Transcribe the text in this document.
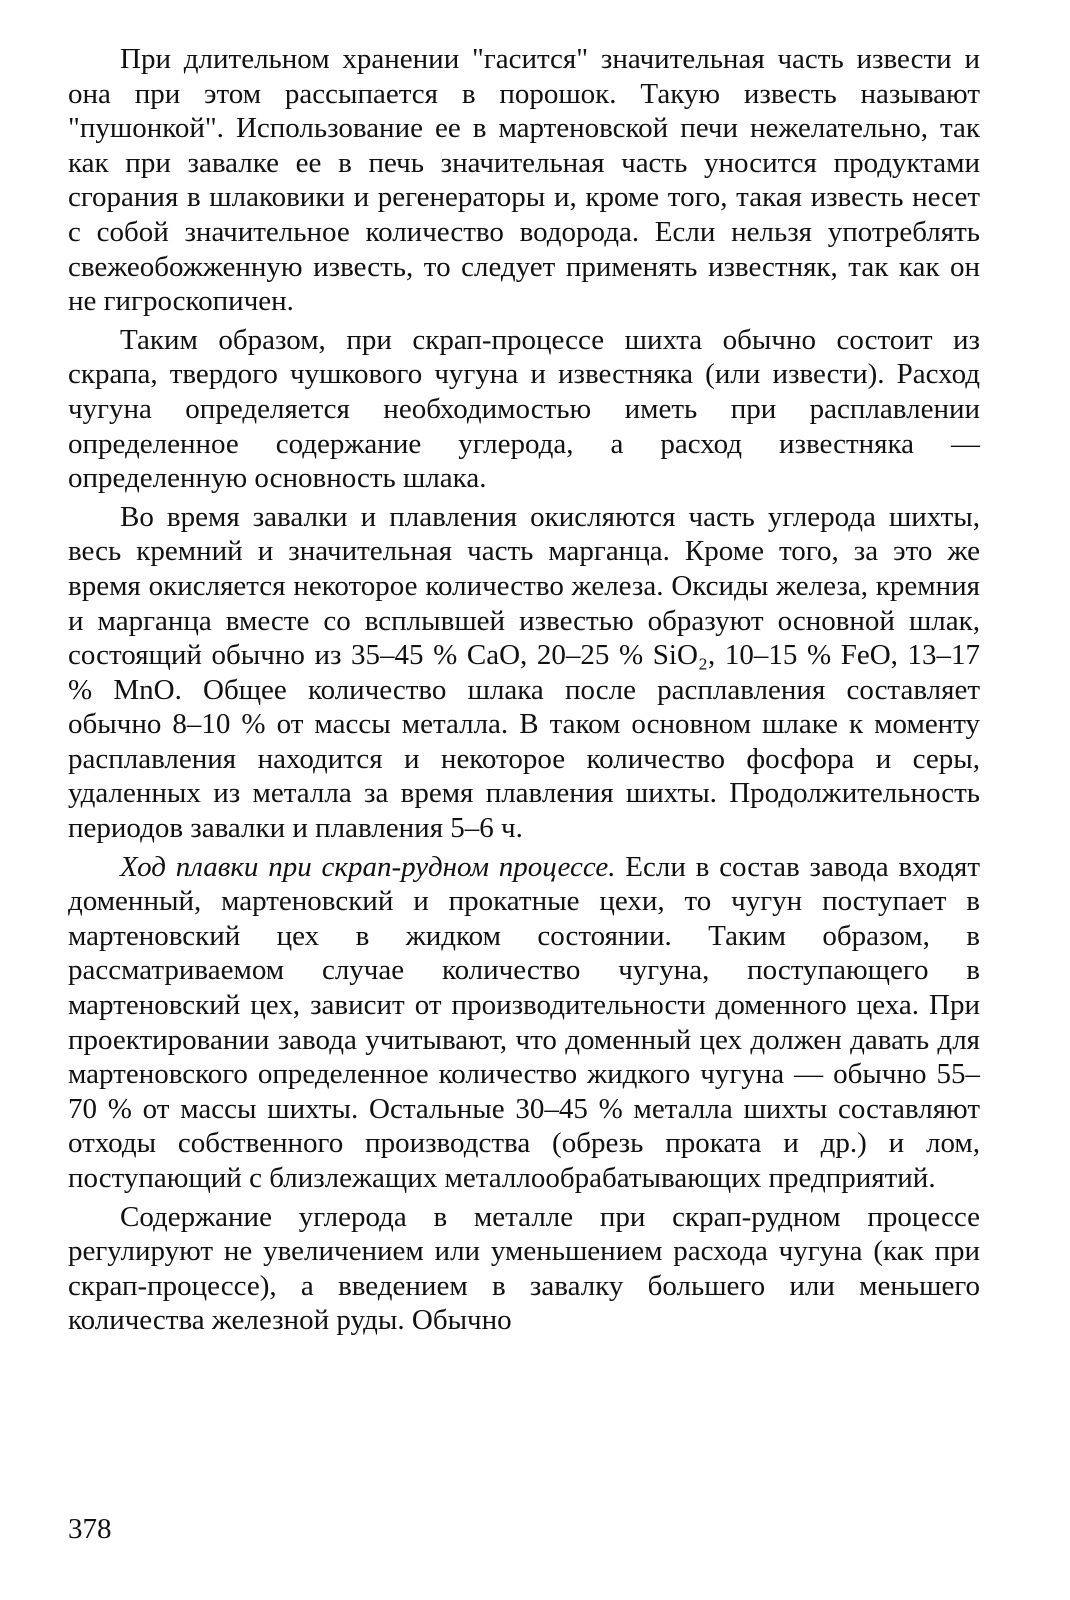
При длительном хранении "гасится" значительная часть извести и она при этом рассыпается в порошок. Такую известь называют "пушонкой". Использование ее в мартеновской печи нежелательно, так как при завалке ее в печь значительная часть уносится продуктами сгорания в шлаковики и регенераторы и, кроме того, такая известь несет с собой значительное количество водорода. Если нельзя употреблять свежеобожженную известь, то следует применять известняк, так как он не гигроскопичен.

Таким образом, при скрап-процессе шихта обычно состоит из скрапа, твердого чушкового чугуна и известняка (или извести). Расход чугуна определяется необходимостью иметь при расплавлении определенное содержание углерода, а расход известняка — определенную основность шлака.

Во время завалки и плавления окисляются часть углерода шихты, весь кремний и значительная часть марганца. Кроме того, за это же время окисляется некоторое количество железа. Оксиды железа, кремния и марганца вместе со всплывшей известью образуют основной шлак, состоящий обычно из 35–45 % CaO, 20–25 % SiO₂, 10–15 % FeO, 13–17 % MnO. Общее количество шлака после расплавления составляет обычно 8–10 % от массы металла. В таком основном шлаке к моменту расплавления находится и некоторое количество фосфора и серы, удаленных из металла за время плавления шихты. Продолжительность периодов завалки и плавления 5–6 ч.

Ход плавки при скрап-рудном процессе. Если в состав завода входят доменный, мартеновский и прокатные цехи, то чугун поступает в мартеновский цех в жидком состоянии. Таким образом, в рассматриваемом случае количество чугуна, поступающего в мартеновский цех, зависит от производительности доменного цеха. При проектировании завода учитывают, что доменный цех должен давать для мартеновского определенное количество жидкого чугуна — обычно 55–70 % от массы шихты. Остальные 30–45 % металла шихты составляют отходы собственного производства (обрезь проката и др.) и лом, поступающий с близлежащих металлообрабатывающих предприятий.

Содержание углерода в металле при скрап-рудном процессе регулируют не увеличением или уменьшением расхода чугуна (как при скрап-процессе), а введением в завалку большего или меньшего количества железной руды. Обычно

378
